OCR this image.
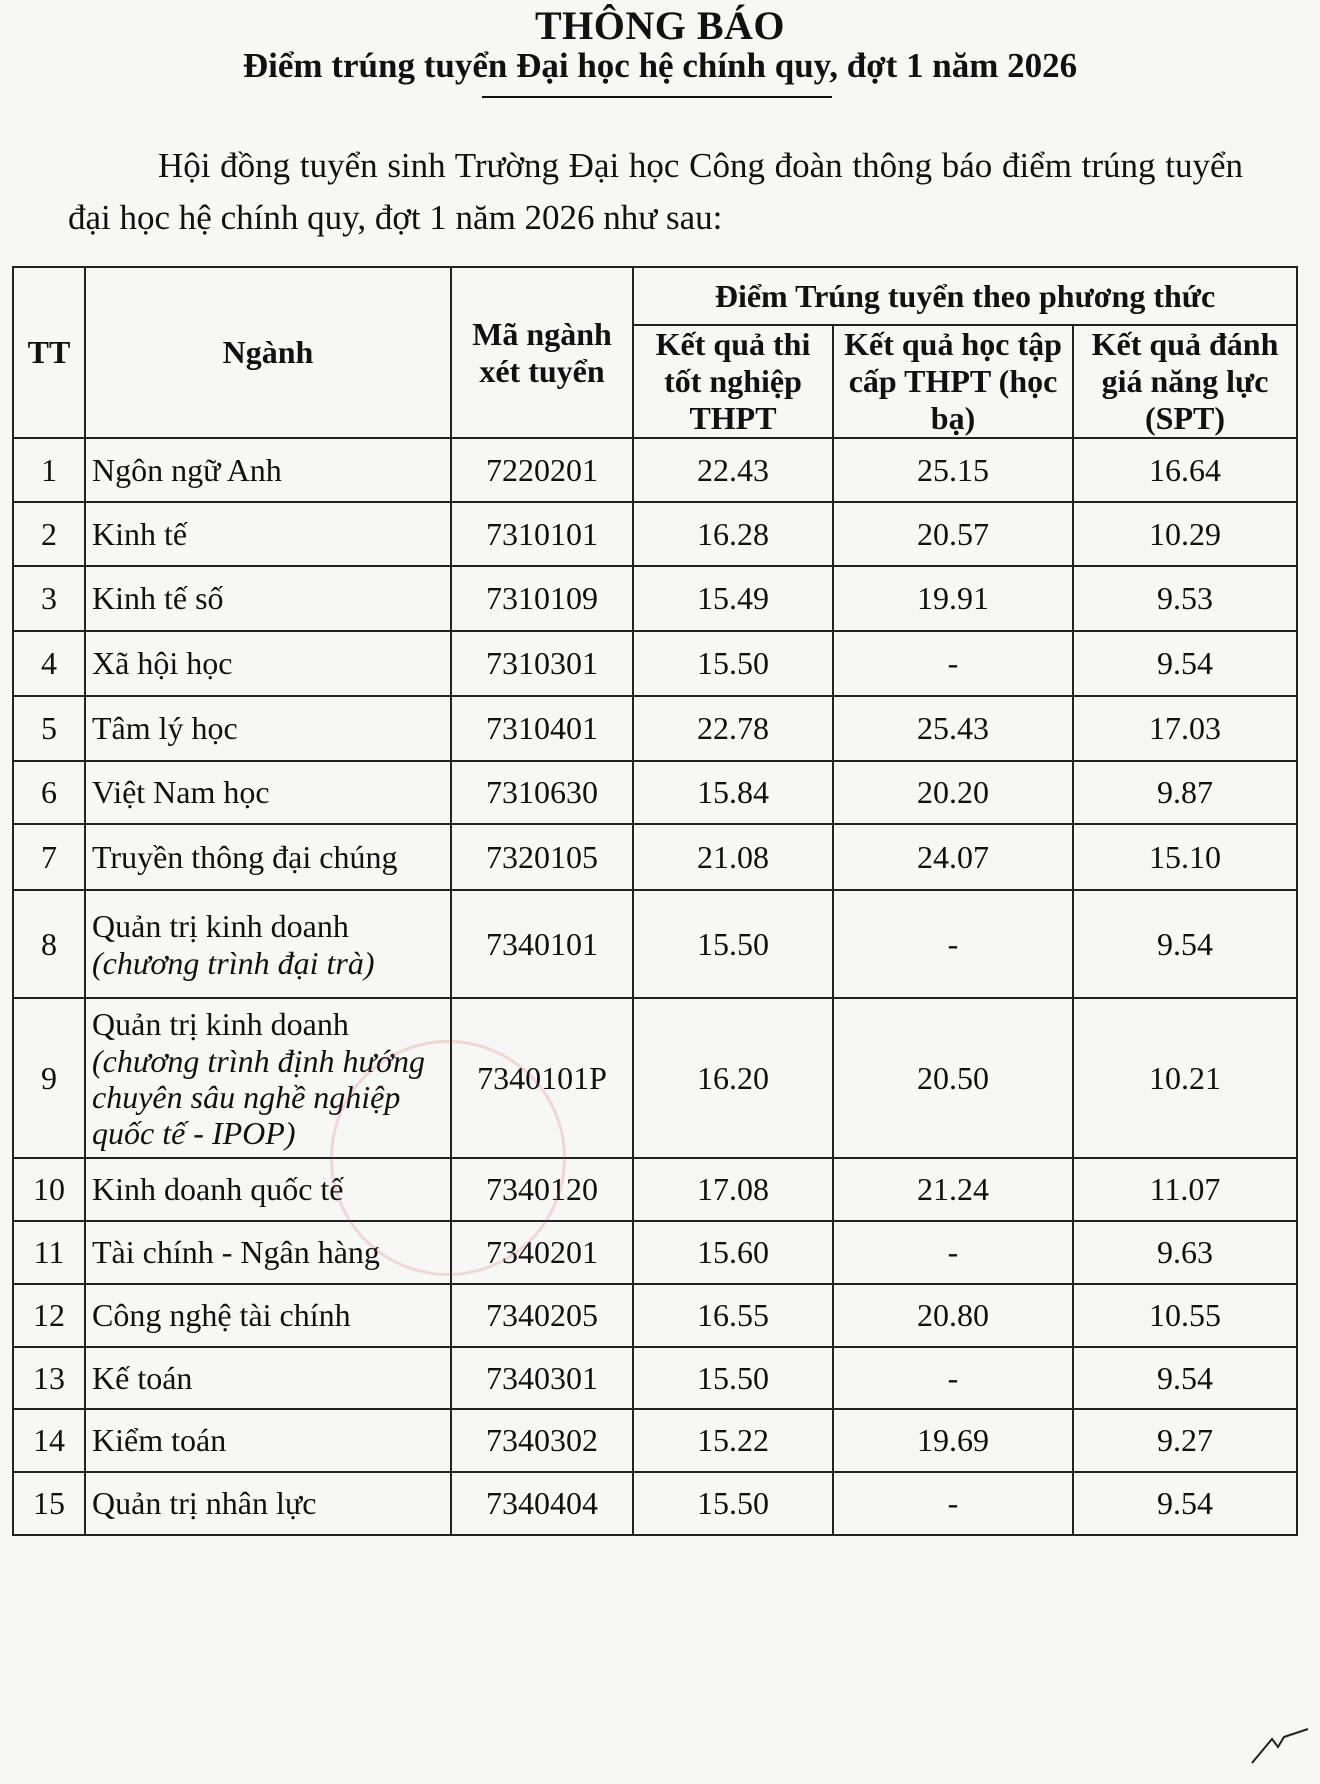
THÔNG BÁO
Điểm trúng tuyển Đại học hệ chính quy, đợt 1 năm 2026
Hội đồng tuyển sinh Trường Đại học Công đoàn thông báo điểm trúng tuyển đại học hệ chính quy, đợt 1 năm 2026 như sau:
TT	Ngành	Mã ngành xét tuyển	Điểm Trúng tuyển theo phương thức		
			Kết quả thi tốt nghiệp THPT	Kết quả học tập cấp THPT (học bạ)	Kết quả đánh giá năng lực (SPT)
1	Ngôn ngữ Anh	7220201	22.43	25.15	16.64
2	Kinh tế	7310101	16.28	20.57	10.29
3	Kinh tế số	7310109	15.49	19.91	9.53
4	Xã hội học	7310301	15.50	-	9.54
5	Tâm lý học	7310401	22.78	25.43	17.03
6	Việt Nam học	7310630	15.84	20.20	9.87
7	Truyền thông đại chúng	7320105	21.08	24.07	15.10
8	Quản trị kinh doanh
(chương trình đại trà)	7340101	15.50	-	9.54
9	Quản trị kinh doanh
(chương trình định hướng chuyên sâu nghề nghiệp quốc tế - IPOP)	7340101P	16.20	20.50	10.21
10	Kinh doanh quốc tế	7340120	17.08	21.24	11.07
11	Tài chính - Ngân hàng	7340201	15.60	-	9.63
12	Công nghệ tài chính	7340205	16.55	20.80	10.55
13	Kế toán	7340301	15.50	-	9.54
14	Kiểm toán	7340302	15.22	19.69	9.27
15	Quản trị nhân lực	7340404	15.50	-	9.54
